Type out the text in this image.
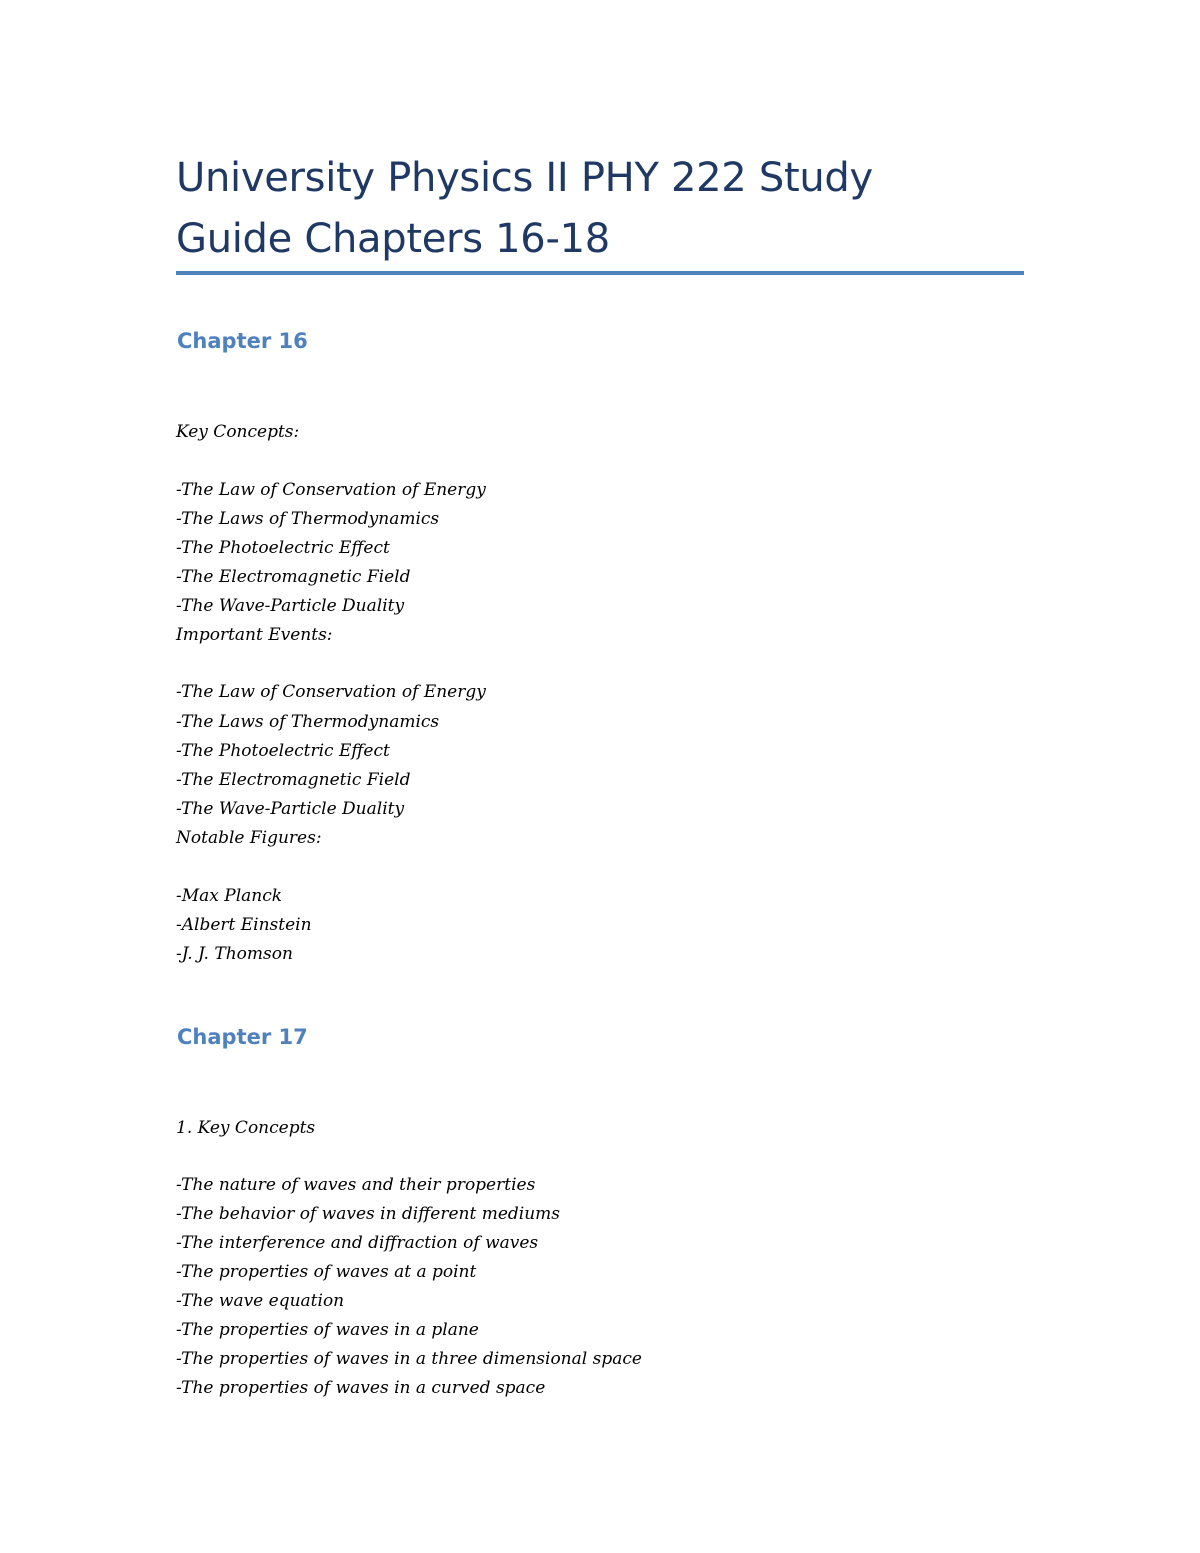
University Physics II PHY 222 Study
Guide Chapters 16-18
Chapter 16
Key Concepts:
-The Law of Conservation of Energy
-The Laws of Thermodynamics
-The Photoelectric Effect
-The Electromagnetic Field
-The Wave-Particle Duality
Important Events:
-The Law of Conservation of Energy
-The Laws of Thermodynamics
-The Photoelectric Effect
-The Electromagnetic Field
-The Wave-Particle Duality
Notable Figures:
-Max Planck
-Albert Einstein
-J. J. Thomson
Chapter 17
1. Key Concepts
-The nature of waves and their properties
-The behavior of waves in different mediums
-The interference and diffraction of waves
-The properties of waves at a point
-The wave equation
-The properties of waves in a plane
-The properties of waves in a three dimensional space
-The properties of waves in a curved space
